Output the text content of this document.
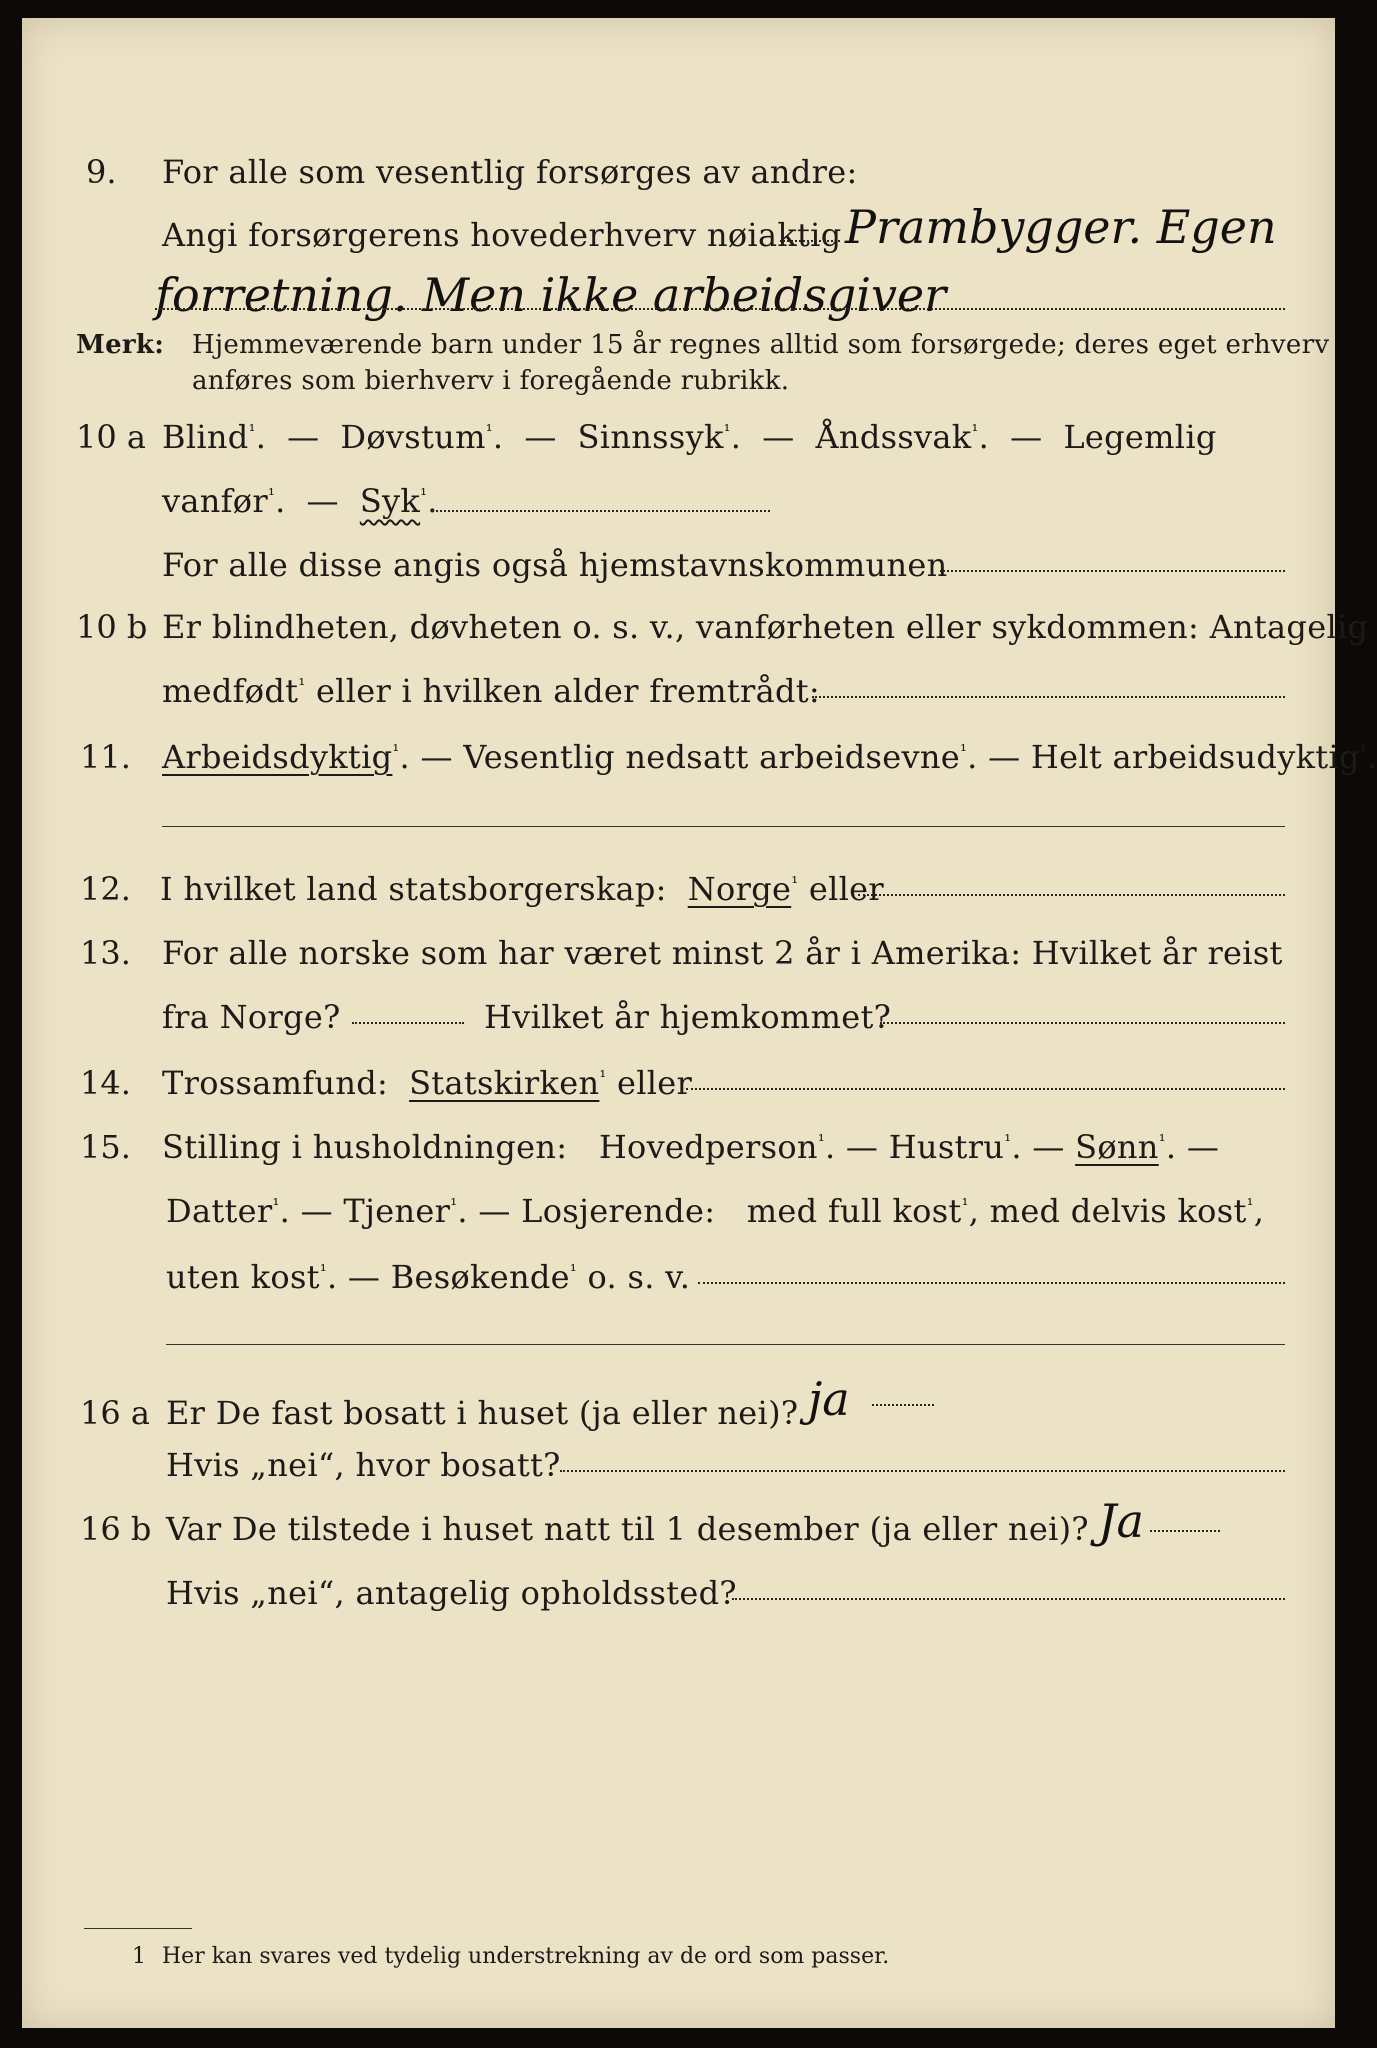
9. For alle som vesentlig forsørges av andre:
Angi forsørgerens hovederhverv nøiaktig Prambygger. Egen
forretning. Men ikke arbeidsgiver
Merk: Hjemmeværende barn under 15 år regnes alltid som forsørgede; deres eget erhverv
anføres som bierhverv i foregående rubrikk.
10 a Blind$^{^1}$. — Døvstum$^{^1}$. — Sinnssyk$^{^1}$. — Åndssvak$^{^1}$. — Legemlig
vanfør$^{^1}$. — Syk$^{^1}$.
For alle disse angis også hjemstavnskommunen
10 b Er blindheten, døvheten o. s. v., vanførheten eller sykdommen: Antagelig
medfødt$^{^1}$ eller i hvilken alder fremtrådt:
11. Arbeidsdyktig$^{^1}$. — Vesentlig nedsatt arbeidsevne$^{^1}$. — Helt arbeidsudyktig$^{^1}$.
12. I hvilket land statsborgerskap: Norge$^{^1}$ eller
13. For alle norske som har været minst 2 år i Amerika: Hvilket år reist
fra Norge?	Hvilket år hjemkommet?
14. Trossamfund: Statskirken$^{^1}$ eller
15. Stilling i husholdningen: Hovedperson$^{^1}$. — Hustru$^{^1}$. — Sønn$^{^1}$. —
Datter$^{^1}$. — Tjener$^{^1}$. — Losjerende: med full kost$^{^1}$, med delvis kost$^{^1}$,
uten kost$^{^1}$. — Besøkende$^{^1}$ o. s. v.
16 a Er De fast bosatt i huset (ja eller nei)? ja
Hvis „nei“, hvor bosatt?
16 b Var De tilstede i huset natt til 1 desember (ja eller nei)? Ja
Hvis „nei“, antagelig opholdssted?
1 Her kan svares ved tydelig understrekning av de ord som passer.
